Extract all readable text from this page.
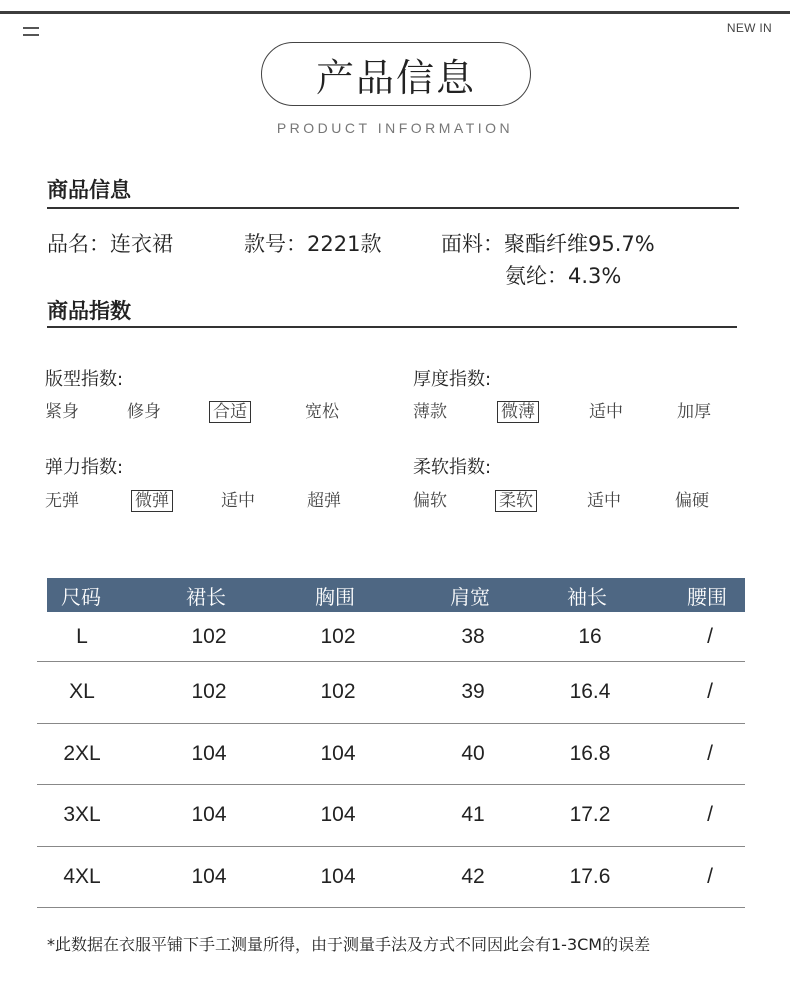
NEW IN
产品信息
PRODUCT INFORMATION
商品信息
品名：连衣裙	款号：2221款	面料：聚酯纤维95.7%
氨纶：4.3%
商品指数
版型指数:
紧身	修身	合适	宽松
厚度指数:
薄款	微薄	适中	加厚
弹力指数:
无弹	微弹	适中	超弹
柔软指数:
偏软	柔软	适中	偏硬
尺码	裙长	胸围	肩宽	袖长	腰围
L	102	102	38	16	/
XL	102	102	39	16.4	/
2XL	104	104	40	16.8	/
3XL	104	104	41	17.2	/
4XL	104	104	42	17.6	/
*此数据在衣服平铺下手工测量所得，由于测量手法及方式不同因此会有1-3CM的误差
